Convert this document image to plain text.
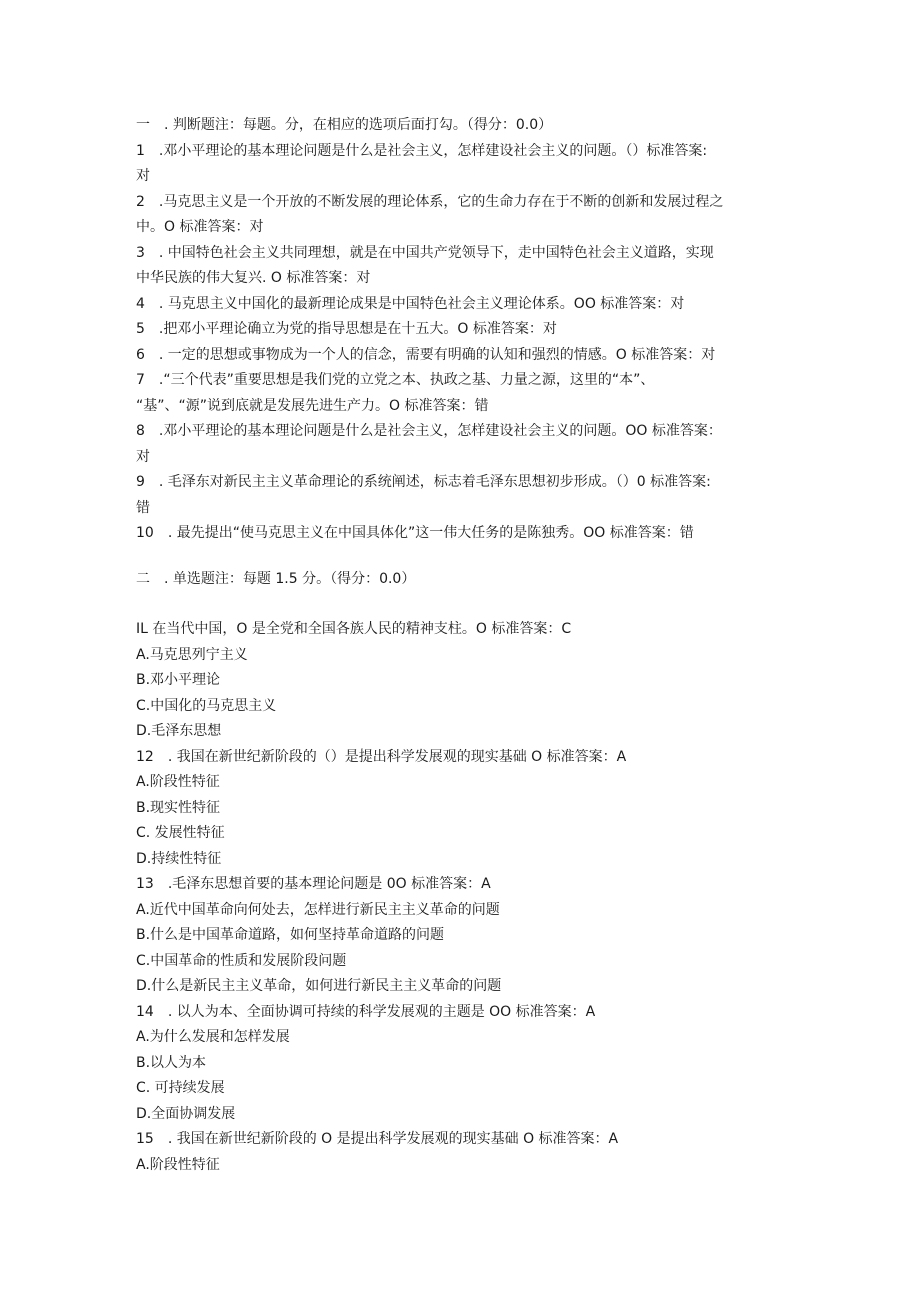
一　. 判断题注：每题。分，在相应的选项后面打勾。（得分：0.0）
1　.邓小平理论的基本理论问题是什么是社会主义，怎样建设社会主义的问题。（）标准答案:
对
2　.马克思主义是一个开放的不断发展的理论体系，它的生命力存在于不断的创新和发展过程之
中。O 标准答案：对
3　. 中国特色社会主义共同理想，就是在中国共产党领导下，走中国特色社会主义道路，实现
中华民族的伟大复兴. O 标准答案：对
4　. 马克思主义中国化的最新理论成果是中国特色社会主义理论体系。OO 标准答案：对
5　.把邓小平理论确立为党的指导思想是在十五大。O 标准答案：对
6　. 一定的思想或事物成为一个人的信念，需要有明确的认知和强烈的情感。O 标准答案：对
7　.“三个代表”重要思想是我们党的立党之本、执政之基、力量之源，这里的“本”、
“基”、“源”说到底就是发展先进生产力。O 标准答案：错
8　.邓小平理论的基本理论问题是什么是社会主义，怎样建设社会主义的问题。OO 标准答案：
对
9　. 毛泽东对新民主主义革命理论的系统阐述，标志着毛泽东思想初步形成。（）0 标准答案:
错
10　. 最先提出“使马克思主义在中国具体化”这一伟大任务的是陈独秀。OO 标准答案：错
二　. 单选题注：每题 1.5 分。（得分：0.0）
IL 在当代中国，O 是全党和全国各族人民的精神支柱。O 标准答案：C
A.马克思列宁主义
B.邓小平理论
C.中国化的马克思主义
D.毛泽东思想
12　. 我国在新世纪新阶段的（）是提出科学发展观的现实基础 O 标准答案：A
A.阶段性特征
B.现实性特征
C. 发展性特征
D.持续性特征
13　.毛泽东思想首要的基本理论问题是 0O 标准答案：A
A.近代中国革命向何处去，怎样进行新民主主义革命的问题
B.什么是中国革命道路，如何坚持革命道路的问题
C.中国革命的性质和发展阶段问题
D.什么是新民主主义革命，如何进行新民主主义革命的问题
14　. 以人为本、全面协调可持续的科学发展观的主题是 OO 标准答案：A
A.为什么发展和怎样发展
B.以人为本
C. 可持续发展
D.全面协调发展
15　. 我国在新世纪新阶段的 O 是提出科学发展观的现实基础 O 标准答案：A
A.阶段性特征
